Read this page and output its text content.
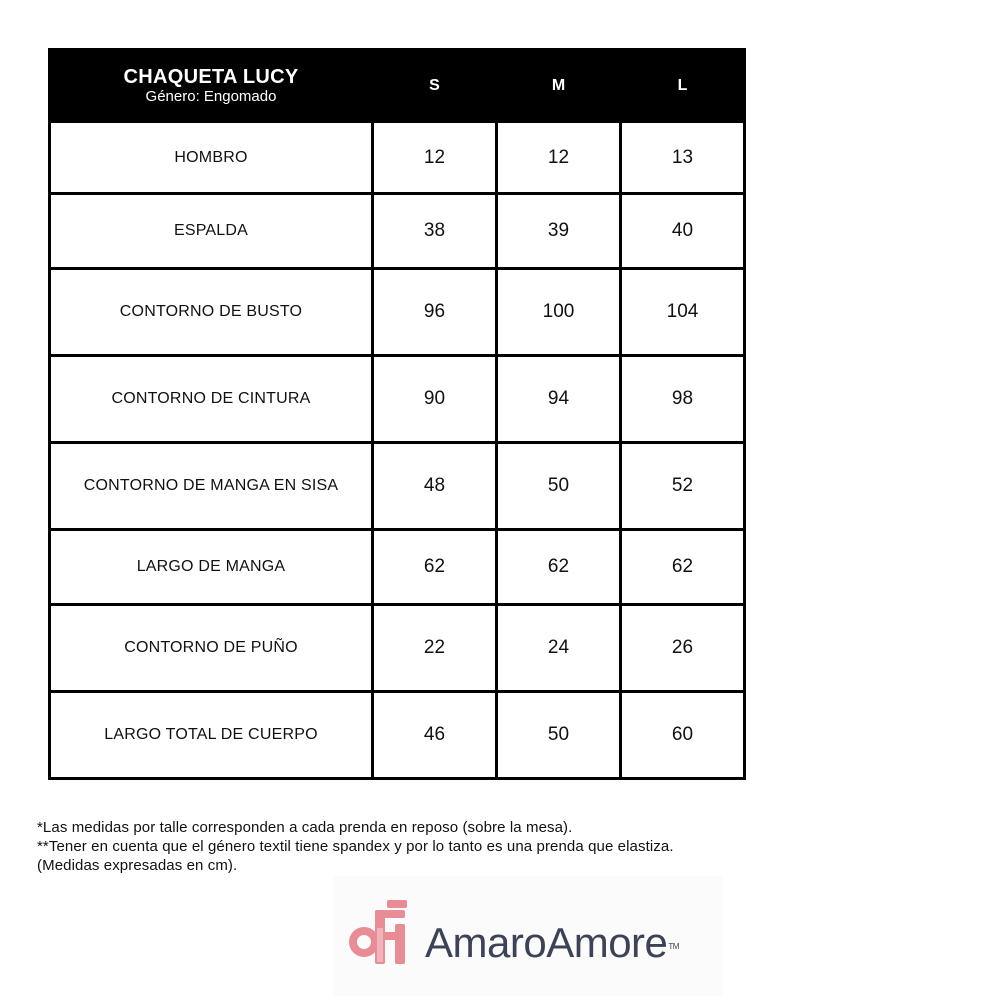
CHAQUETA LUCY
Género: Engomado	S	M	L
HOMBRO	12	12	13
ESPALDA	38	39	40
CONTORNO DE BUSTO	96	100	104
CONTORNO DE CINTURA	90	94	98
CONTORNO DE MANGA EN SISA	48	50	52
LARGO DE MANGA	62	62	62
CONTORNO DE PUÑO	22	24	26
LARGO TOTAL DE CUERPO	46	50	60

*Las medidas por talle corresponden a cada prenda en reposo (sobre la mesa).

**Tener en cuenta que el género textil tiene spandex y por lo tanto es una prenda que elastiza.

(Medidas expresadas en cm).

AmaroAmore™
